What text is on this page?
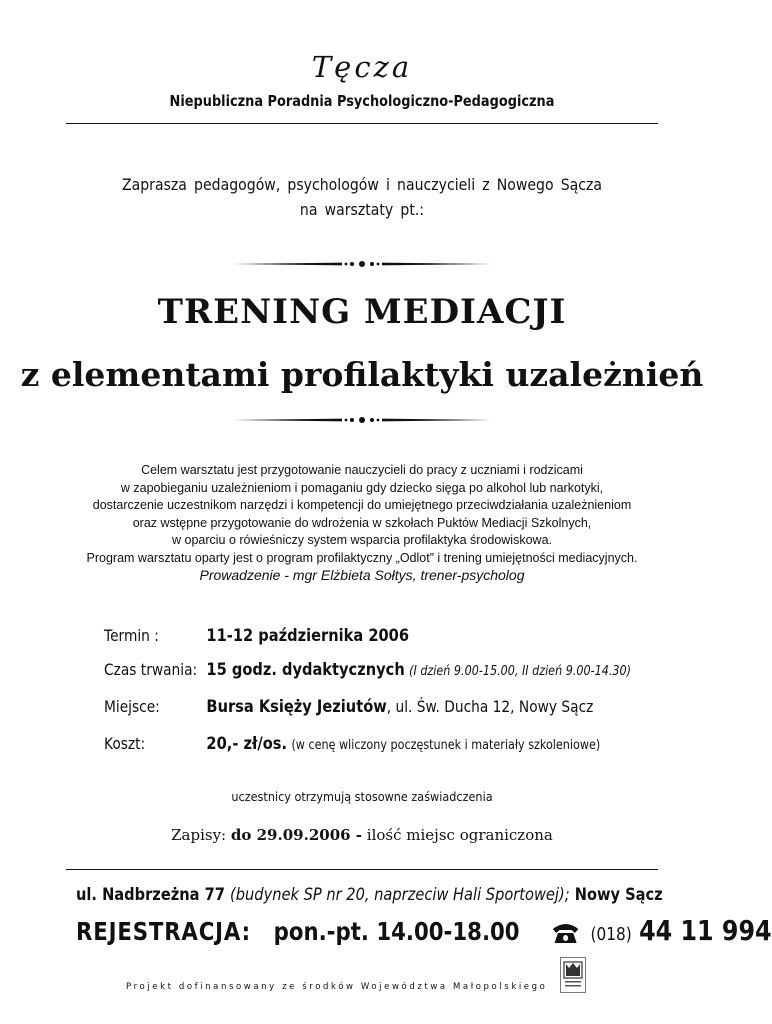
Tęcza
Niepubliczna Poradnia Psychologiczno-Pedagogiczna
Zaprasza pedagogów, psychologów i nauczycieli z Nowego Sącza
na warsztaty pt.:
TRENING MEDIACJI
z elementami profilaktyki uzależnień
Celem warsztatu jest przygotowanie nauczycieli do pracy z uczniami i rodzicami
w zapobieganiu uzależnieniom i pomaganiu gdy dziecko sięga po alkohol lub narkotyki,
dostarczenie uczestnikom narzędzi i kompetencji do umiejętnego przeciwdziałania uzależnieniom
oraz wstępne przygotowanie do wdrożenia w szkołach Puktów Mediacji Szkolnych,
w oparciu o rówieśniczy system wsparcia profilaktyka środowiskowa.
Program warsztatu oparty jest o program profilaktyczny „Odlot” i trening umiejętności mediacyjnych.
Prowadzenie - mgr Elżbieta Sołtys, trener-psycholog
Termin :	11-12 października 2006
Czas trwania: 15 godz. dydaktycznych (I dzień 9.00-15.00, II dzień 9.00-14.30)
Miejsce:	Bursa Księży Jeziutów, ul. Św. Ducha 12, Nowy Sącz
Koszt:	20,- zł/os. (w cenę wliczony poczęstunek i materiały szkoleniowe)
uczestnicy otrzymują stosowne zaświadczenia
Zapisy: do 29.09.2006 - ilość miejsc ograniczona
ul. Nadbrzeżna 77 (budynek SP nr 20, naprzeciw Hali Sportowej); Nowy Sącz
REJESTRACJA: pon.-pt. 14.00-18.00	(018) 44 11 994
Projekt dofinansowany ze środków Województwa Małopolskiego
